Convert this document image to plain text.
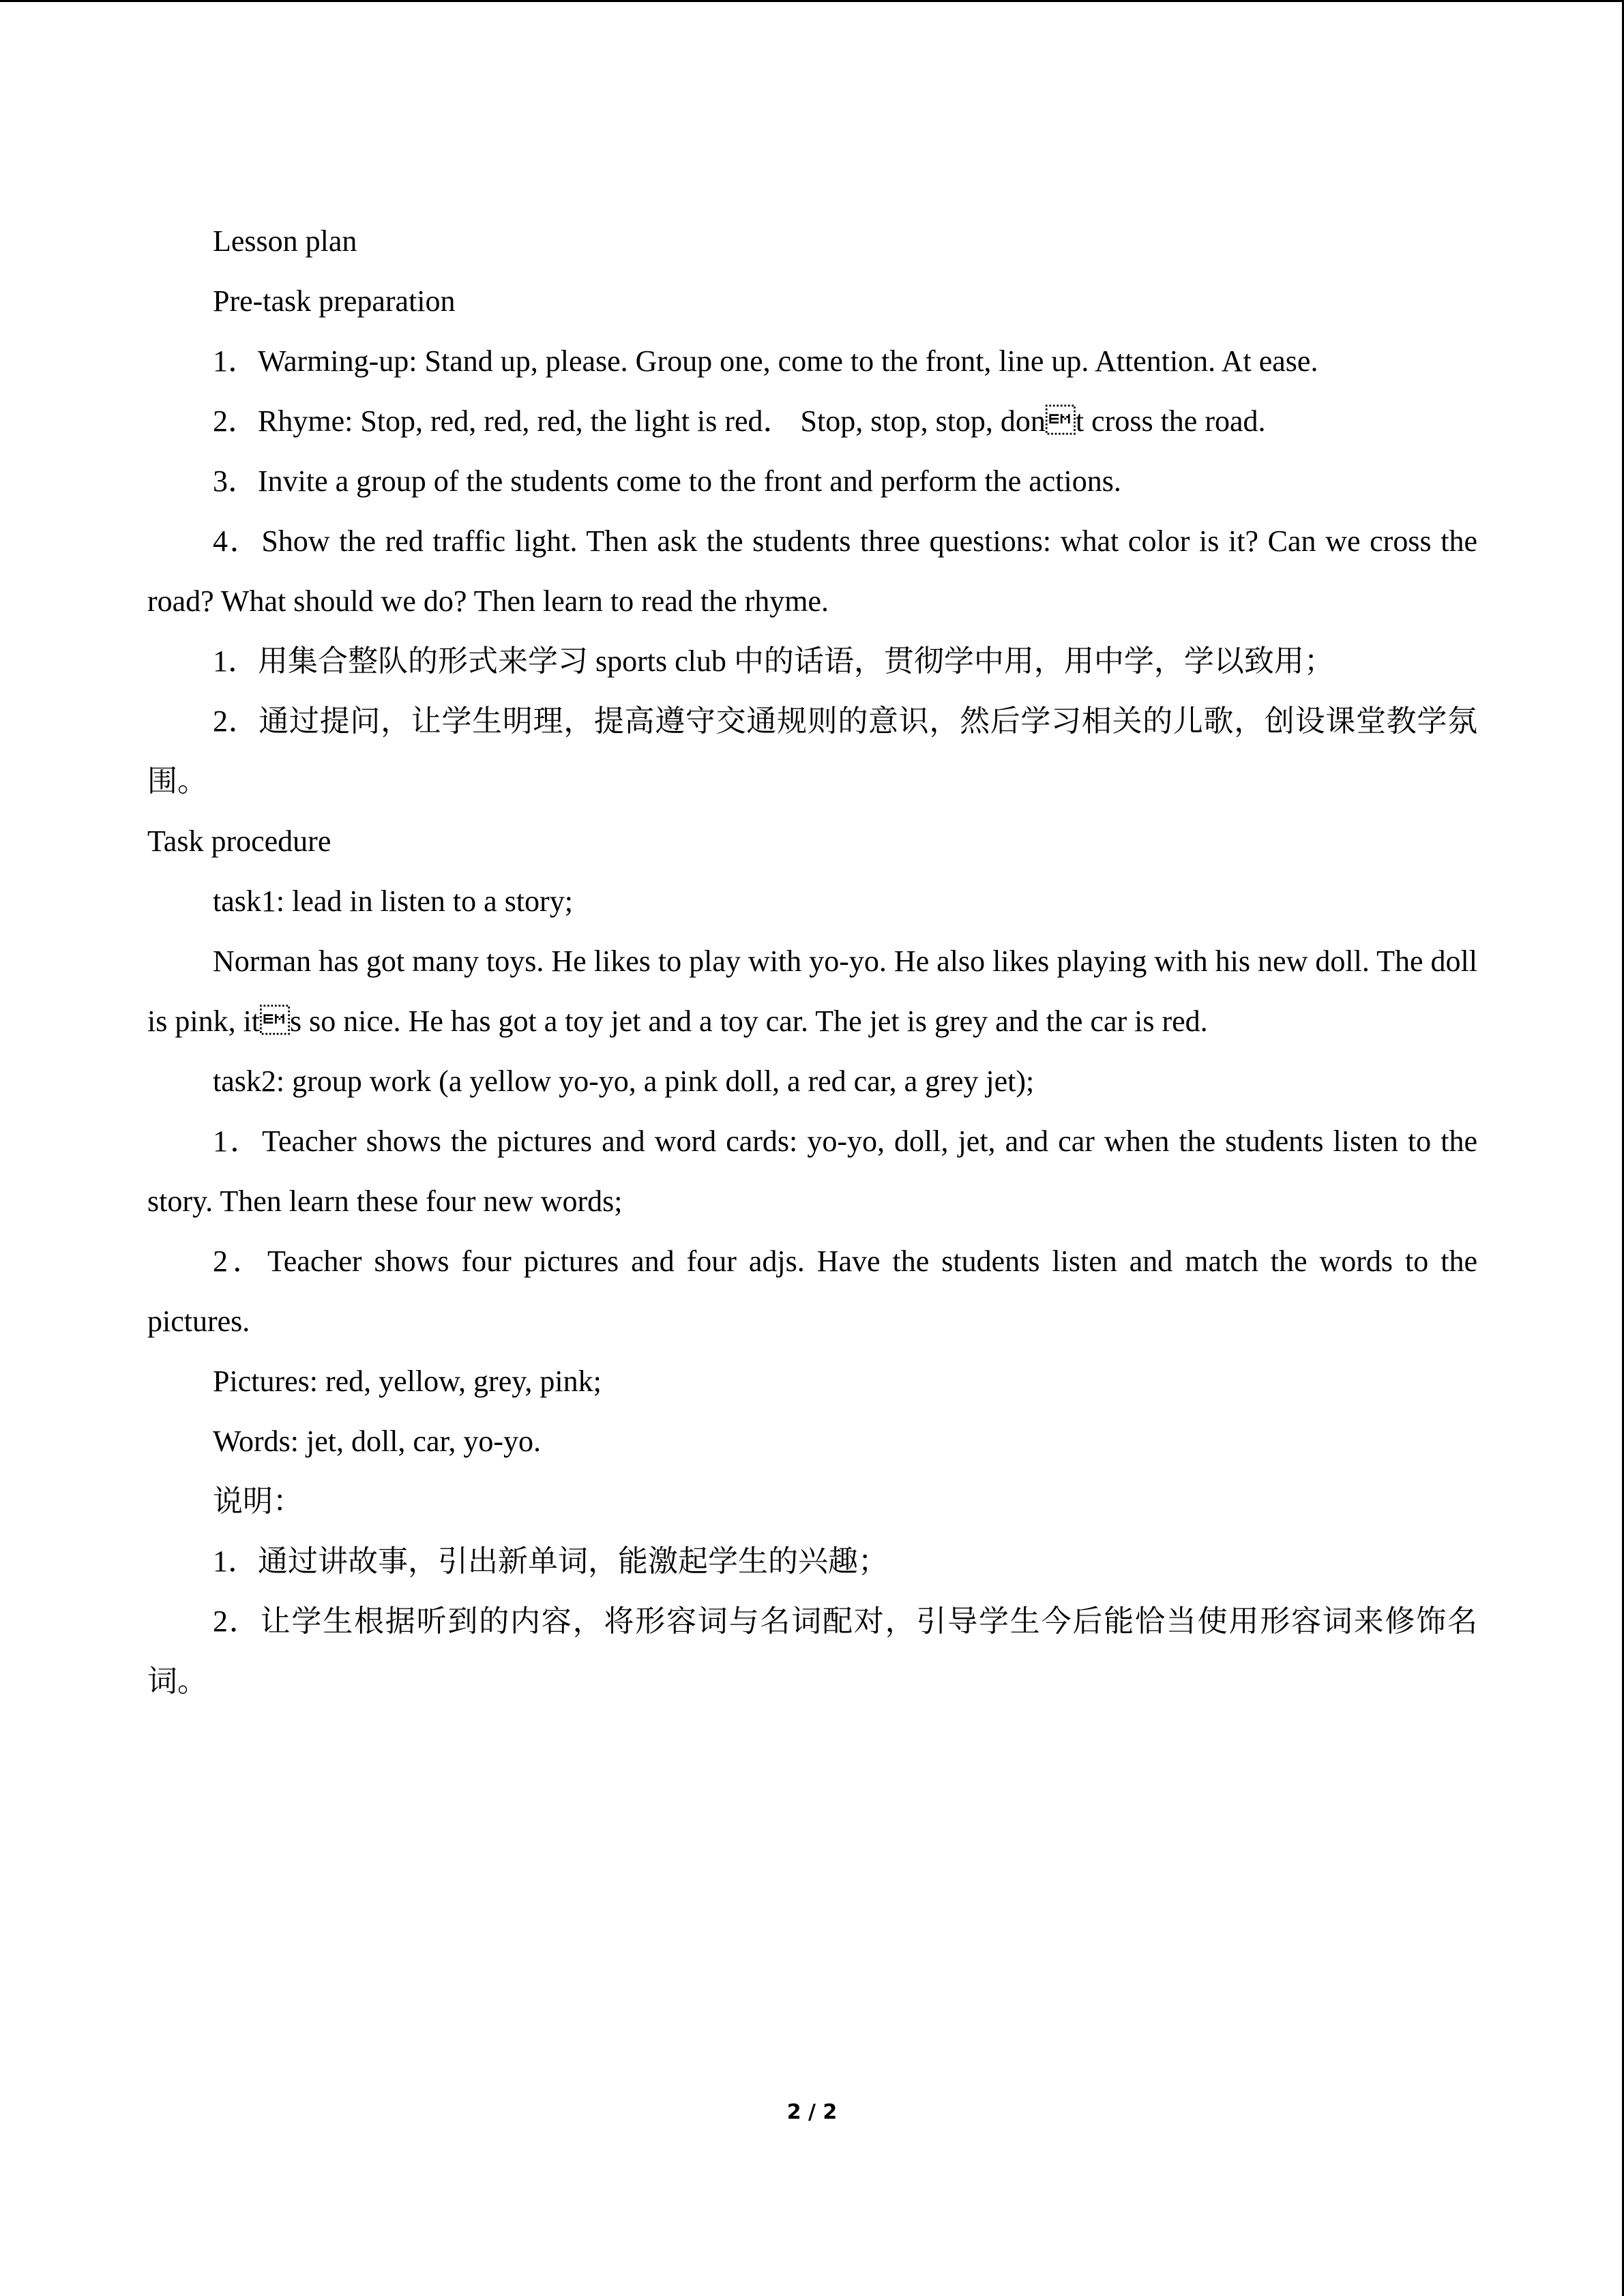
Lesson plan

Pre-task preparation

1．Warming-up: Stand up, please. Group one, come to the front, line up. Attention. At ease.

2．Rhyme: Stop, red, red, red, the light is red． Stop, stop, stop, dont cross the road.

3．Invite a group of the students come to the front and perform the actions.

4．Show the red traffic light. Then ask the students three questions: what color is it? Can we cross the road? What should we do? Then learn to read the rhyme.

1．用集合整队的形式来学习 sports club 中的话语，贯彻学中用，用中学，学以致用；

2．通过提问，让学生明理，提高遵守交通规则的意识，然后学习相关的儿歌，创设课堂教学氛围。

Task procedure

task1: lead in listen to a story;

Norman has got many toys. He likes to play with yo-yo. He also likes playing with his new doll. The doll is pink, its so nice. He has got a toy jet and a toy car. The jet is grey and the car is red.

task2: group work (a yellow yo-yo, a pink doll, a red car, a grey jet);

1．Teacher shows the pictures and word cards: yo-yo, doll, jet, and car when the students listen to the story. Then learn these four new words;

2．Teacher shows four pictures and four adjs. Have the students listen and match the words to the pictures.

Pictures: red, yellow, grey, pink;

Words: jet, doll, car, yo-yo.

说明：

1．通过讲故事，引出新单词，能激起学生的兴趣；

2．让学生根据听到的内容，将形容词与名词配对，引导学生今后能恰当使用形容词来修饰名词。

2 / 2
